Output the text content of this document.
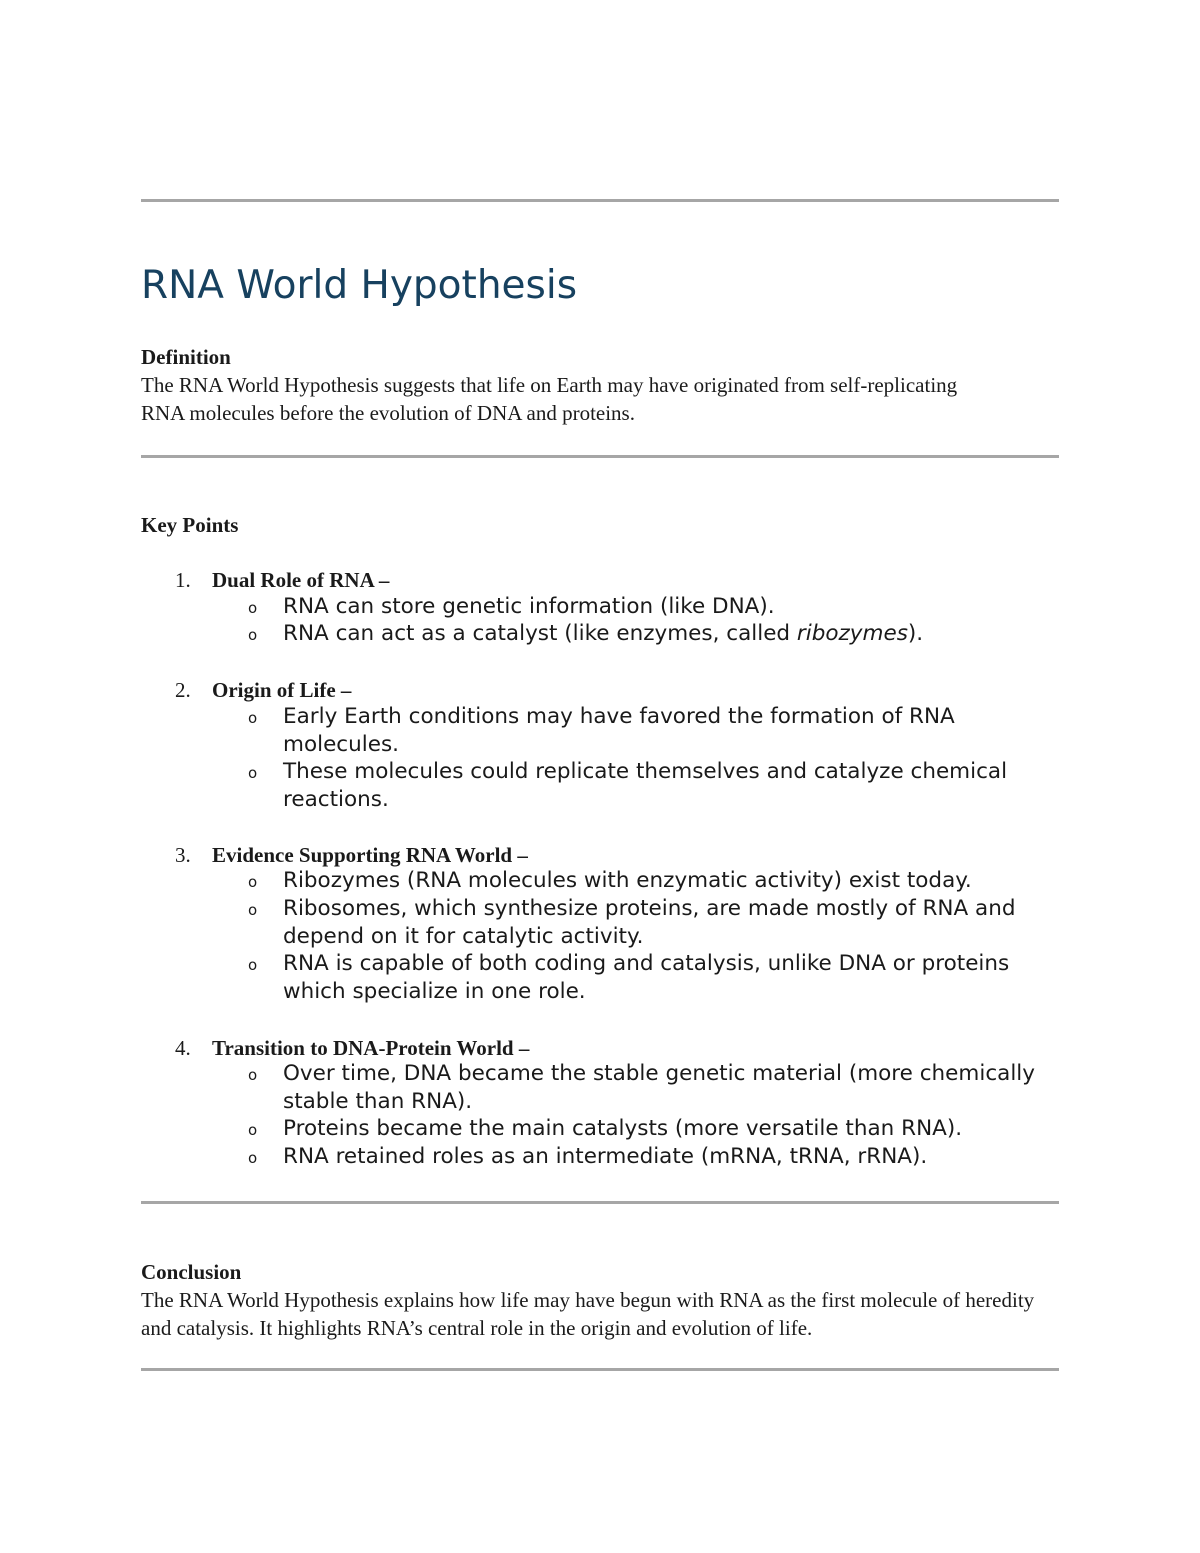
RNA World Hypothesis
Definition
The RNA World Hypothesis suggests that life on Earth may have originated from self-replicating RNA molecules before the evolution of DNA and proteins.
Key Points
1. Dual Role of RNA –
o RNA can store genetic information (like DNA).
o RNA can act as a catalyst (like enzymes, called ribozymes).
2. Origin of Life –
o Early Earth conditions may have favored the formation of RNA molecules.
o These molecules could replicate themselves and catalyze chemical reactions.
3. Evidence Supporting RNA World –
o Ribozymes (RNA molecules with enzymatic activity) exist today.
o Ribosomes, which synthesize proteins, are made mostly of RNA and depend on it for catalytic activity.
o RNA is capable of both coding and catalysis, unlike DNA or proteins which specialize in one role.
4. Transition to DNA-Protein World –
o Over time, DNA became the stable genetic material (more chemically stable than RNA).
o Proteins became the main catalysts (more versatile than RNA).
o RNA retained roles as an intermediate (mRNA, tRNA, rRNA).
Conclusion
The RNA World Hypothesis explains how life may have begun with RNA as the first molecule of heredity and catalysis. It highlights RNA’s central role in the origin and evolution of life.
